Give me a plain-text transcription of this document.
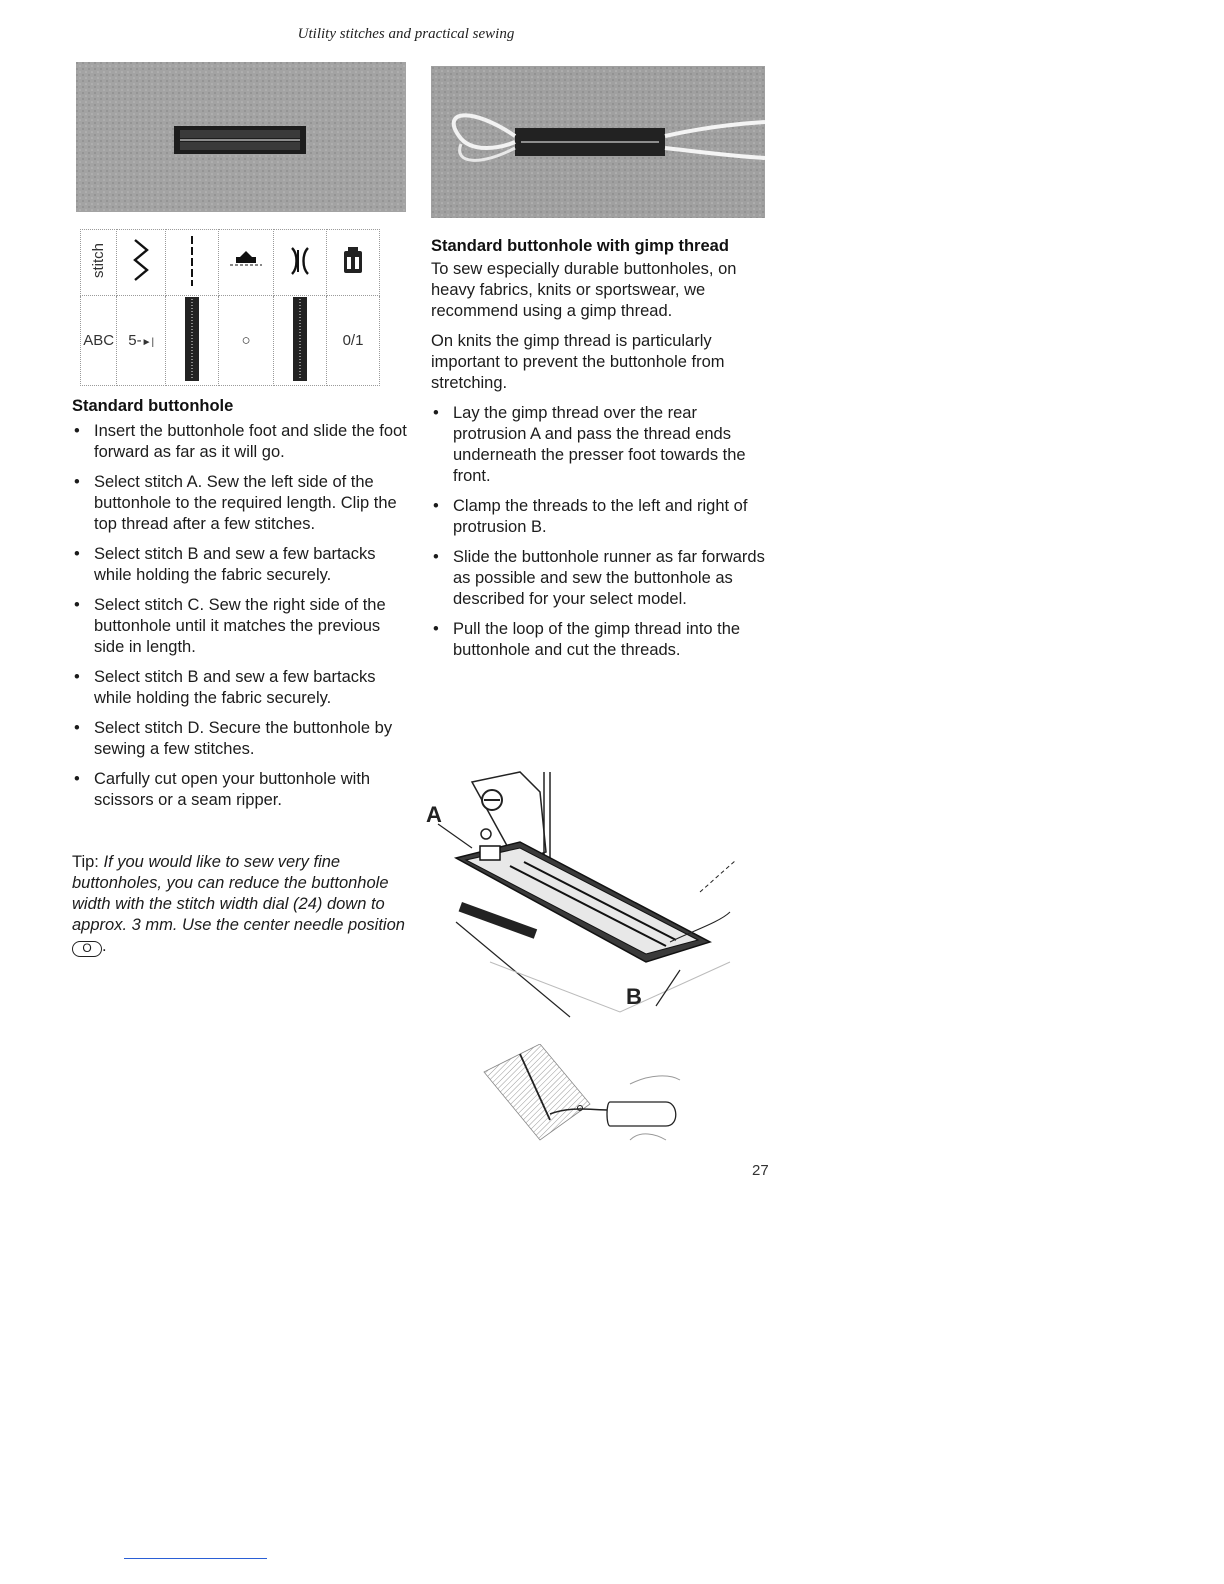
Utility stitches and practical sewing
stitch					
ABC	5-►|		○		0/1
Standard buttonhole
• Insert the buttonhole foot and slide the foot forward as far as it will go.
• Select stitch A. Sew the left side of the buttonhole to the required length. Clip the top thread after a few stitches.
• Select stitch B and sew a few bartacks while holding the fabric securely.
• Select stitch C. Sew the right side of the buttonhole until it matches the previous side in length.
• Select stitch B and sew a few bartacks while holding the fabric securely.
• Select stitch D. Secure the buttonhole by sewing a few stitches.
• Carfully cut open your buttonhole with scissors or a seam ripper.
Tip: If you would like to sew very fine buttonholes, you can reduce the buttonhole width with the stitch width dial (24) down to approx. 3 mm. Use the center needle position O .
Standard buttonhole with gimp thread

To sew especially durable buttonholes, on heavy fabrics, knits or sportswear, we recommend using a gimp thread.

On knits the gimp thread is particularly important to prevent the buttonhole from stretching.

• Lay the gimp thread over the rear protrusion A and pass the thread ends underneath the presser foot towards the front.
• Clamp the threads to the left and right of protrusion B.
• Slide the buttonhole runner as far forwards as possible and sew the buttonhole as described for your select model.
• Pull the loop of the gimp thread into the buttonhole and cut the threads.
A
B
27
